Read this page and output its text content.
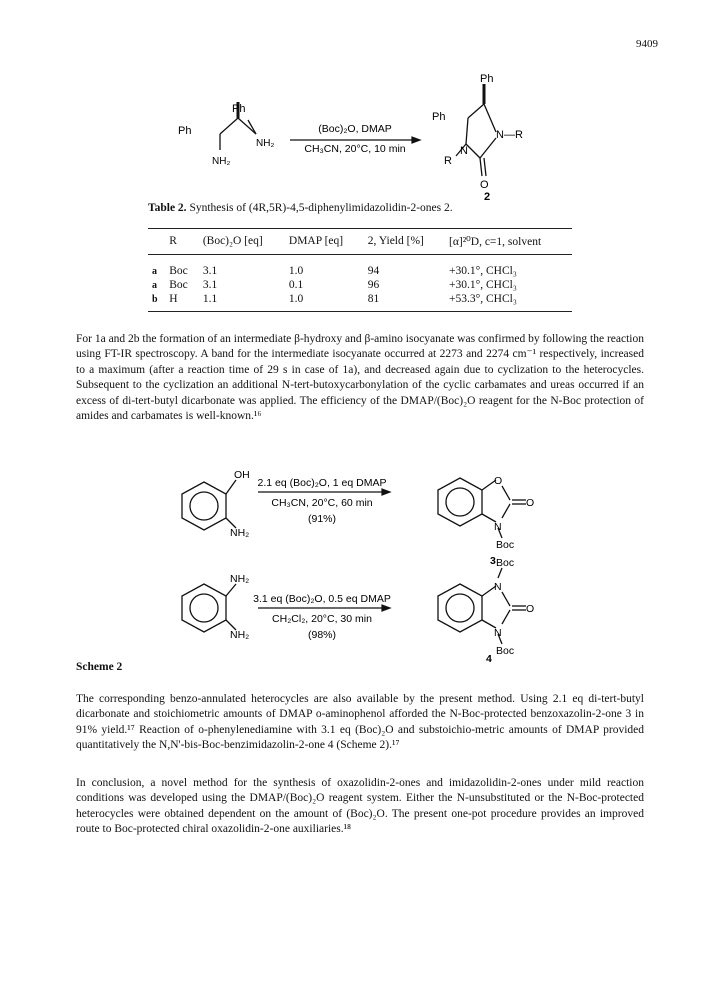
9409
Ph
Ph
NH₂
NH₂
(Boc)₂O, DMAP
CH₃CN, 20°C, 10 min
Ph
Ph
N—R
N
R
O
2
Table 2. Synthesis of (4R,5R)-4,5-diphenylimidazolidin-2-ones 2.
	R	(Boc)₂O [eq]	DMAP [eq]	2, Yield [%]	[α]²⁰D, c=1, solvent
a	Boc	3.1	1.0	94	+30.1°, CHCl₃
a	Boc	3.1	0.1	96	+30.1°, CHCl₃
b	H	1.1	1.0	81	+53.3°, CHCl₃

For 1a and 2b the formation of an intermediate β-hydroxy and β-amino isocyanate was confirmed by following the reaction using FT-IR spectroscopy. A band for the intermediate isocyanate occurred at 2273 and 2274 cm⁻¹ respectively, increased to a maximum (after a reaction time of 29 s in case of 1a), and decreased again due to cyclization to the heterocycles. Subsequent to the cyclization an additional N-tert-butoxycarbonylation of the cyclic carbamates and ureas occurred if an excess of di-tert-butyl dicarbonate was applied. The efficiency of the DMAP/(Boc)₂O reagent for the N-Boc protection of amides and carbamates is well-known.¹⁶

OH
NH₂
2.1 eq (Boc)₂O, 1 eq DMAP
CH₃CN, 20°C, 60 min
(91%)
O
O
N
Boc
3
NH₂
NH₂
3.1 eq (Boc)₂O, 0.5 eq DMAP
CH₂Cl₂, 20°C, 30 min
(98%)
Boc
N
O
N
Boc
4
Scheme 2

The corresponding benzo-annulated heterocycles are also available by the present method. Using 2.1 eq di-tert-butyl dicarbonate and stoichiometric amounts of DMAP o-aminophenol afforded the N-Boc-protected benzoxazolin-2-one 3 in 91% yield.¹⁷ Reaction of o-phenylenediamine with 3.1 eq (Boc)₂O and substoichio-metric amounts of DMAP provided quantitatively the N,N'-bis-Boc-benzimidazolin-2-one 4 (Scheme 2).¹⁷

In conclusion, a novel method for the synthesis of oxazolidin-2-ones and imidazolidin-2-ones under mild reaction conditions was developed using the DMAP/(Boc)₂O reagent system. Either the N-unsubstituted or the N-Boc-protected heterocycles were obtained dependent on the amount of (Boc)₂O. The present one-pot procedure provides an improved route to Boc-protected chiral oxazolidin-2-one auxiliaries.¹⁸
